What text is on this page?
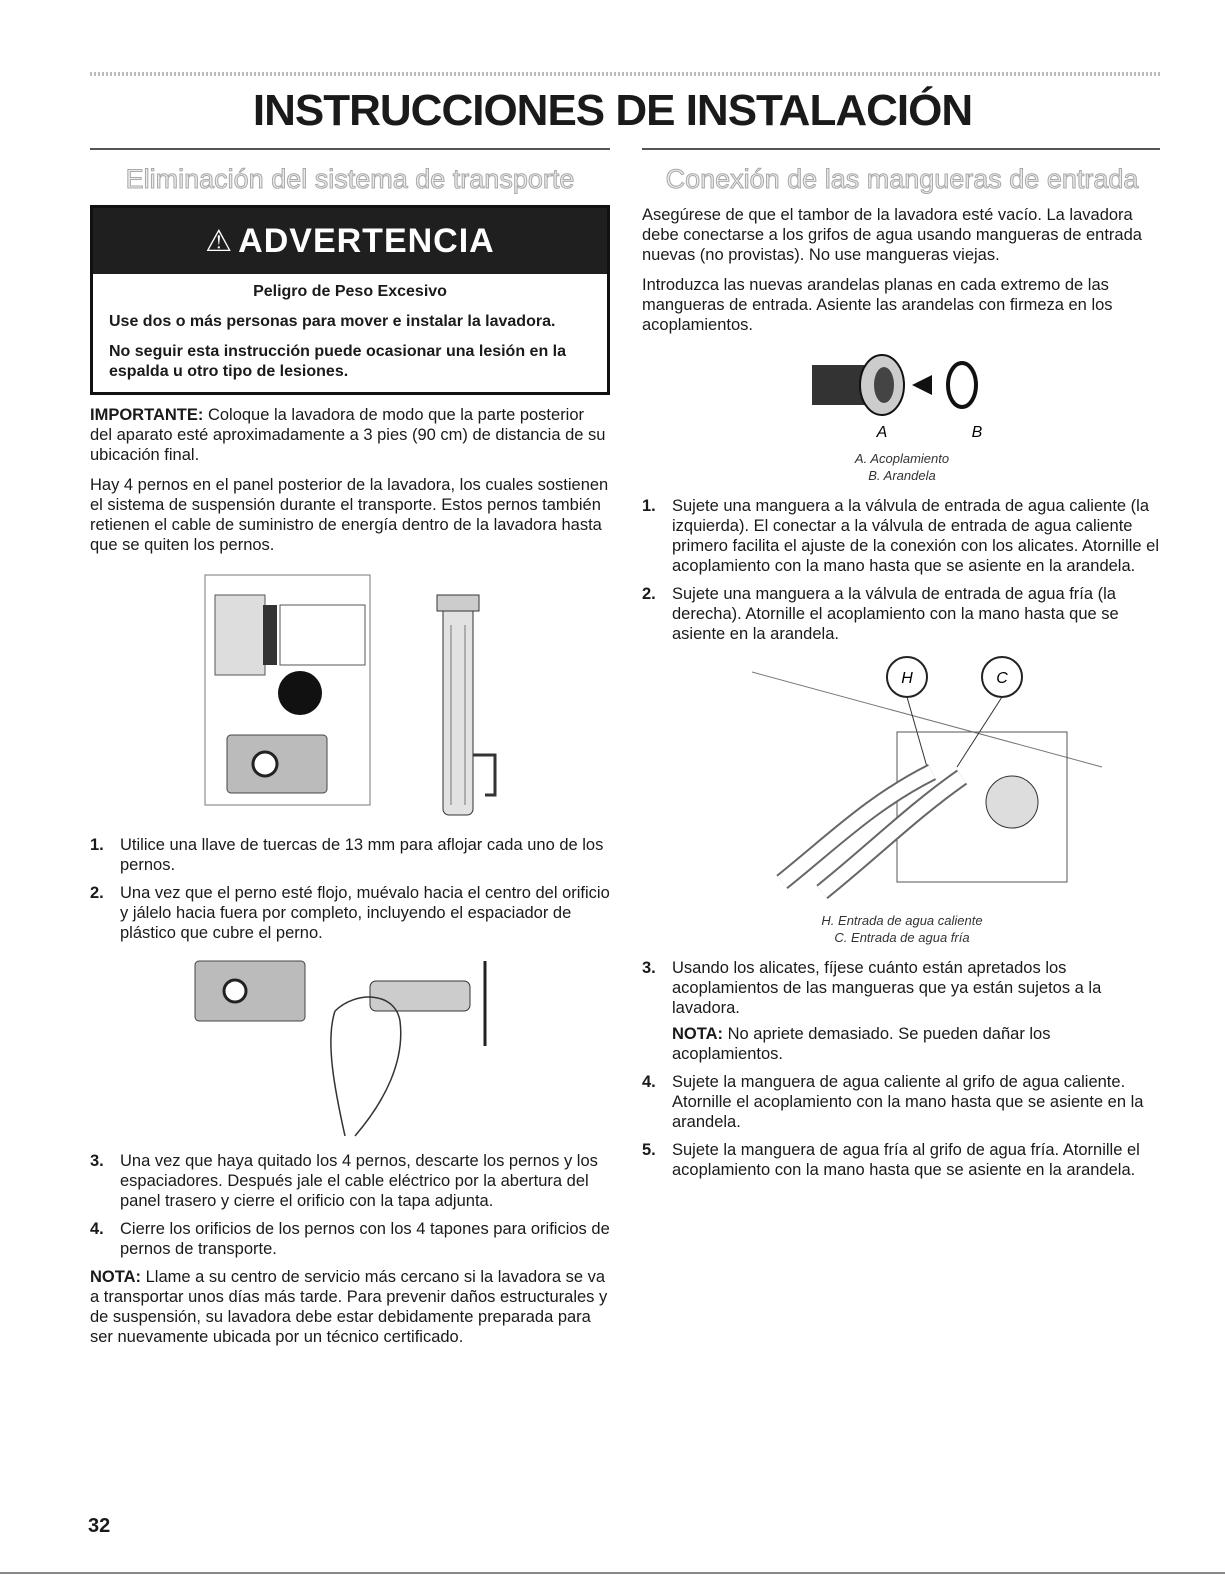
INSTRUCCIONES DE INSTALACIÓN
Eliminación del sistema de transporte
⚠ ADVERTENCIA

Peligro de Peso Excesivo

Use dos o más personas para mover e instalar la lavadora.

No seguir esta instrucción puede ocasionar una lesión en la espalda u otro tipo de lesiones.

IMPORTANTE: Coloque la lavadora de modo que la parte posterior del aparato esté aproximadamente a 3 pies (90 cm) de distancia de su ubicación final.

Hay 4 pernos en el panel posterior de la lavadora, los cuales sostienen el sistema de suspensión durante el transporte. Estos pernos también retienen el cable de suministro de energía dentro de la lavadora hasta que se quiten los pernos.

1. Utilice una llave de tuercas de 13 mm para aflojar cada uno de los pernos.
2. Una vez que el perno esté flojo, muévalo hacia el centro del orificio y jálelo hacia fuera por completo, incluyendo el espaciador de plástico que cubre el perno.
3. Una vez que haya quitado los 4 pernos, descarte los pernos y los espaciadores. Después jale el cable eléctrico por la abertura del panel trasero y cierre el orificio con la tapa adjunta.
4. Cierre los orificios de los pernos con los 4 tapones para orificios de pernos de transporte.

NOTA: Llame a su centro de servicio más cercano si la lavadora se va a transportar unos días más tarde. Para prevenir daños estructurales y de suspensión, su lavadora debe estar debidamente preparada para ser nuevamente ubicada por un técnico certificado.

Conexión de las mangueras de entrada

Asegúrese de que el tambor de la lavadora esté vacío. La lavadora debe conectarse a los grifos de agua usando mangueras de entrada nuevas (no provistas). No use mangueras viejas.

Introduzca las nuevas arandelas planas en cada extremo de las mangueras de entrada. Asiente las arandelas con firmeza en los acoplamientos.

A	B

A. Acoplamiento
B. Arandela

1. Sujete una manguera a la válvula de entrada de agua caliente (la izquierda). El conectar a la válvula de entrada de agua caliente primero facilita el ajuste de la conexión con los alicates. Atornille el acoplamiento con la mano hasta que se asiente en la arandela.
2. Sujete una manguera a la válvula de entrada de agua fría (la derecha). Atornille el acoplamiento con la mano hasta que se asiente en la arandela.
H	C

H. Entrada de agua caliente
C. Entrada de agua fría

3. Usando los alicates, fíjese cuánto están apretados los acoplamientos de las mangueras que ya están sujetos a la lavadora.
NOTA: No apriete demasiado. Se pueden dañar los acoplamientos.
4. Sujete la manguera de agua caliente al grifo de agua caliente. Atornille el acoplamiento con la mano hasta que se asiente en la arandela.
5. Sujete la manguera de agua fría al grifo de agua fría. Atornille el acoplamiento con la mano hasta que se asiente en la arandela.
32
